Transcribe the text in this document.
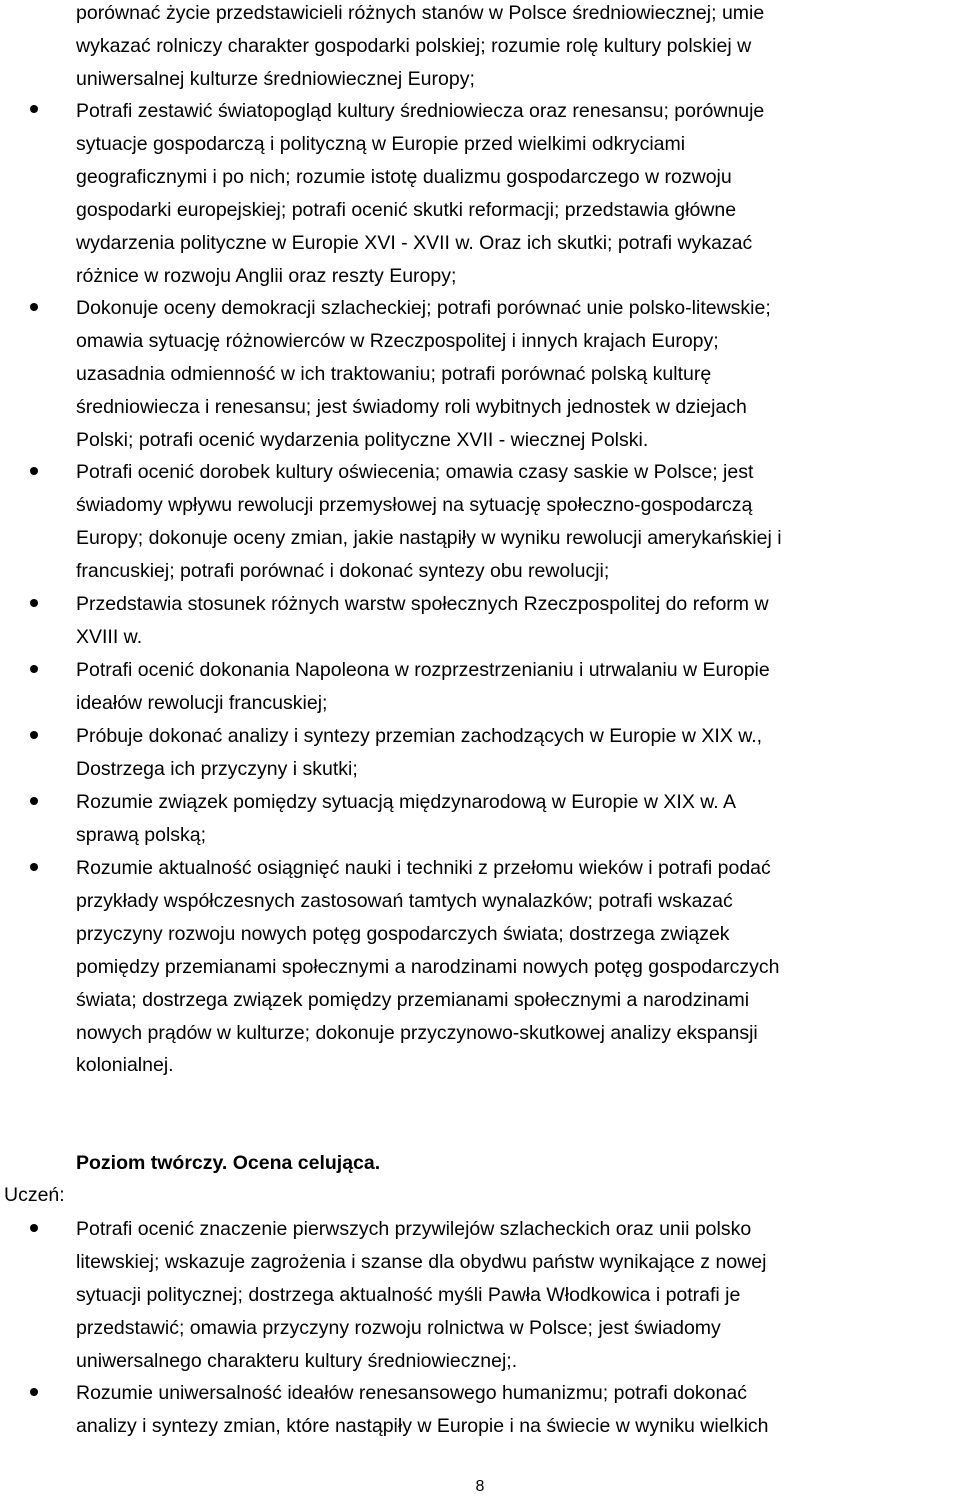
porównać życie przedstawicieli różnych stanów w Polsce średniowiecznej; umie
wykazać rolniczy charakter gospodarki polskiej; rozumie rolę kultury polskiej w
uniwersalnej kulturze średniowiecznej Europy;

Potrafi zestawić światopogląd kultury średniowiecza oraz renesansu; porównuje
sytuacje gospodarczą i polityczną w Europie przed wielkimi odkryciami
geograficznymi i po nich; rozumie istotę dualizmu gospodarczego w rozwoju
gospodarki europejskiej; potrafi ocenić skutki reformacji; przedstawia główne
wydarzenia polityczne w Europie XVI - XVII w. Oraz ich skutki; potrafi wykazać
różnice w rozwoju Anglii oraz reszty Europy;

Dokonuje oceny demokracji szlacheckiej; potrafi porównać unie polsko-litewskie;
omawia sytuację różnowierców w Rzeczpospolitej i innych krajach Europy;
uzasadnia odmienność w ich traktowaniu; potrafi porównać polską kulturę
średniowiecza i renesansu; jest świadomy roli wybitnych jednostek w dziejach
Polski; potrafi ocenić wydarzenia polityczne XVII - wiecznej Polski.

Potrafi ocenić dorobek kultury oświecenia; omawia czasy saskie w Polsce; jest
świadomy wpływu rewolucji przemysłowej na sytuację społeczno-gospodarczą
Europy; dokonuje oceny zmian, jakie nastąpiły w wyniku rewolucji amerykańskiej i
francuskiej; potrafi porównać i dokonać syntezy obu rewolucji;

Przedstawia stosunek różnych warstw społecznych Rzeczpospolitej do reform w
XVIII w.

Potrafi ocenić dokonania Napoleona w rozprzestrzenianiu i utrwalaniu w Europie
ideałów rewolucji francuskiej;

Próbuje dokonać analizy i syntezy przemian zachodzących w Europie w XIX w.,
Dostrzega ich przyczyny i skutki;

Rozumie związek pomiędzy sytuacją międzynarodową w Europie w XIX w. A
sprawą polską;

Rozumie aktualność osiągnięć nauki i techniki z przełomu wieków i potrafi podać
przykłady współczesnych zastosowań tamtych wynalazków; potrafi wskazać
przyczyny rozwoju nowych potęg gospodarczych świata; dostrzega związek
pomiędzy przemianami społecznymi a narodzinami nowych potęg gospodarczych
świata; dostrzega związek pomiędzy przemianami społecznymi a narodzinami
nowych prądów w kulturze; dokonuje przyczynowo-skutkowej analizy ekspansji
kolonialnej.

Poziom twórczy. Ocena celująca.

Uczeń:

Potrafi ocenić znaczenie pierwszych przywilejów szlacheckich oraz unii polsko
litewskiej; wskazuje zagrożenia i szanse dla obydwu państw wynikające z nowej
sytuacji politycznej; dostrzega aktualność myśli Pawła Włodkowica i potrafi je
przedstawić; omawia przyczyny rozwoju rolnictwa w Polsce; jest świadomy
uniwersalnego charakteru kultury średniowiecznej;.

Rozumie uniwersalność ideałów renesansowego humanizmu; potrafi dokonać
analizy i syntezy zmian, które nastąpiły w Europie i na świecie w wyniku wielkich

8
